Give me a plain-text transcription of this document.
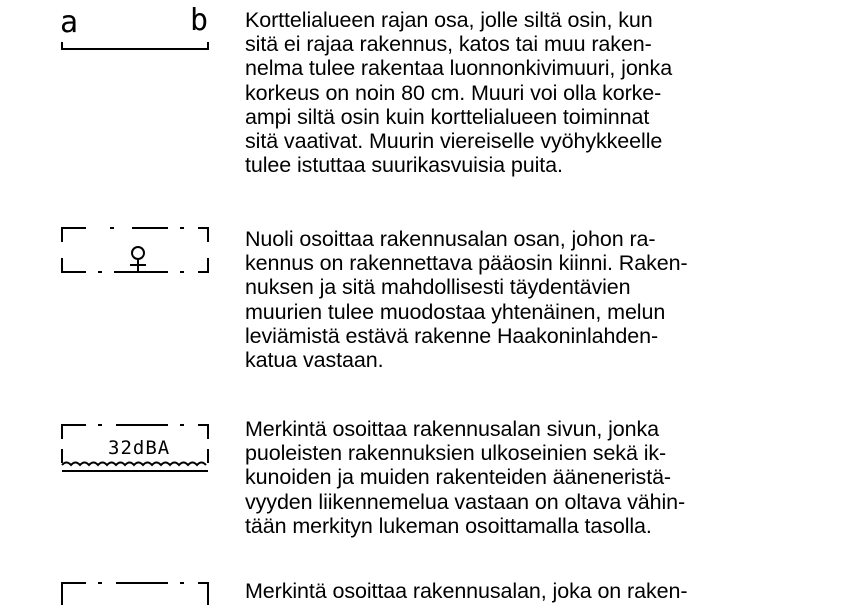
a	b Korttelialueen rajan osa, jolle siltä osin, kun
sitä ei rajaa rakennus, katos tai muu raken-
nelma tulee rakentaa luonnonkivimuuri, jonka
korkeus on noin 80 cm. Muuri voi olla korke-
ampi siltä osin kuin korttelialueen toiminnat
sitä vaativat. Muurin viereiselle vyöhykkeelle
tulee istuttaa suurikasvuisia puita.
Nuoli osoittaa rakennusalan osan, johon ra-
kennus on rakennettava pääosin kiinni. Raken-
nuksen ja sitä mahdollisesti täydentävien
muurien tulee muodostaa yhtenäinen, melun
leviämistä estävä rakenne Haakoninlahden-
katua vastaan.
32dBA
Merkintä osoittaa rakennusalan sivun, jonka
puoleisten rakennuksien ulkoseinien sekä ik-
kunoiden ja muiden rakenteiden ääneneristä-
vyyden liikennemelua vastaan on oltava vähin-
tään merkityn lukeman osoittamalla tasolla.
Merkintä osoittaa rakennusalan, joka on raken-
